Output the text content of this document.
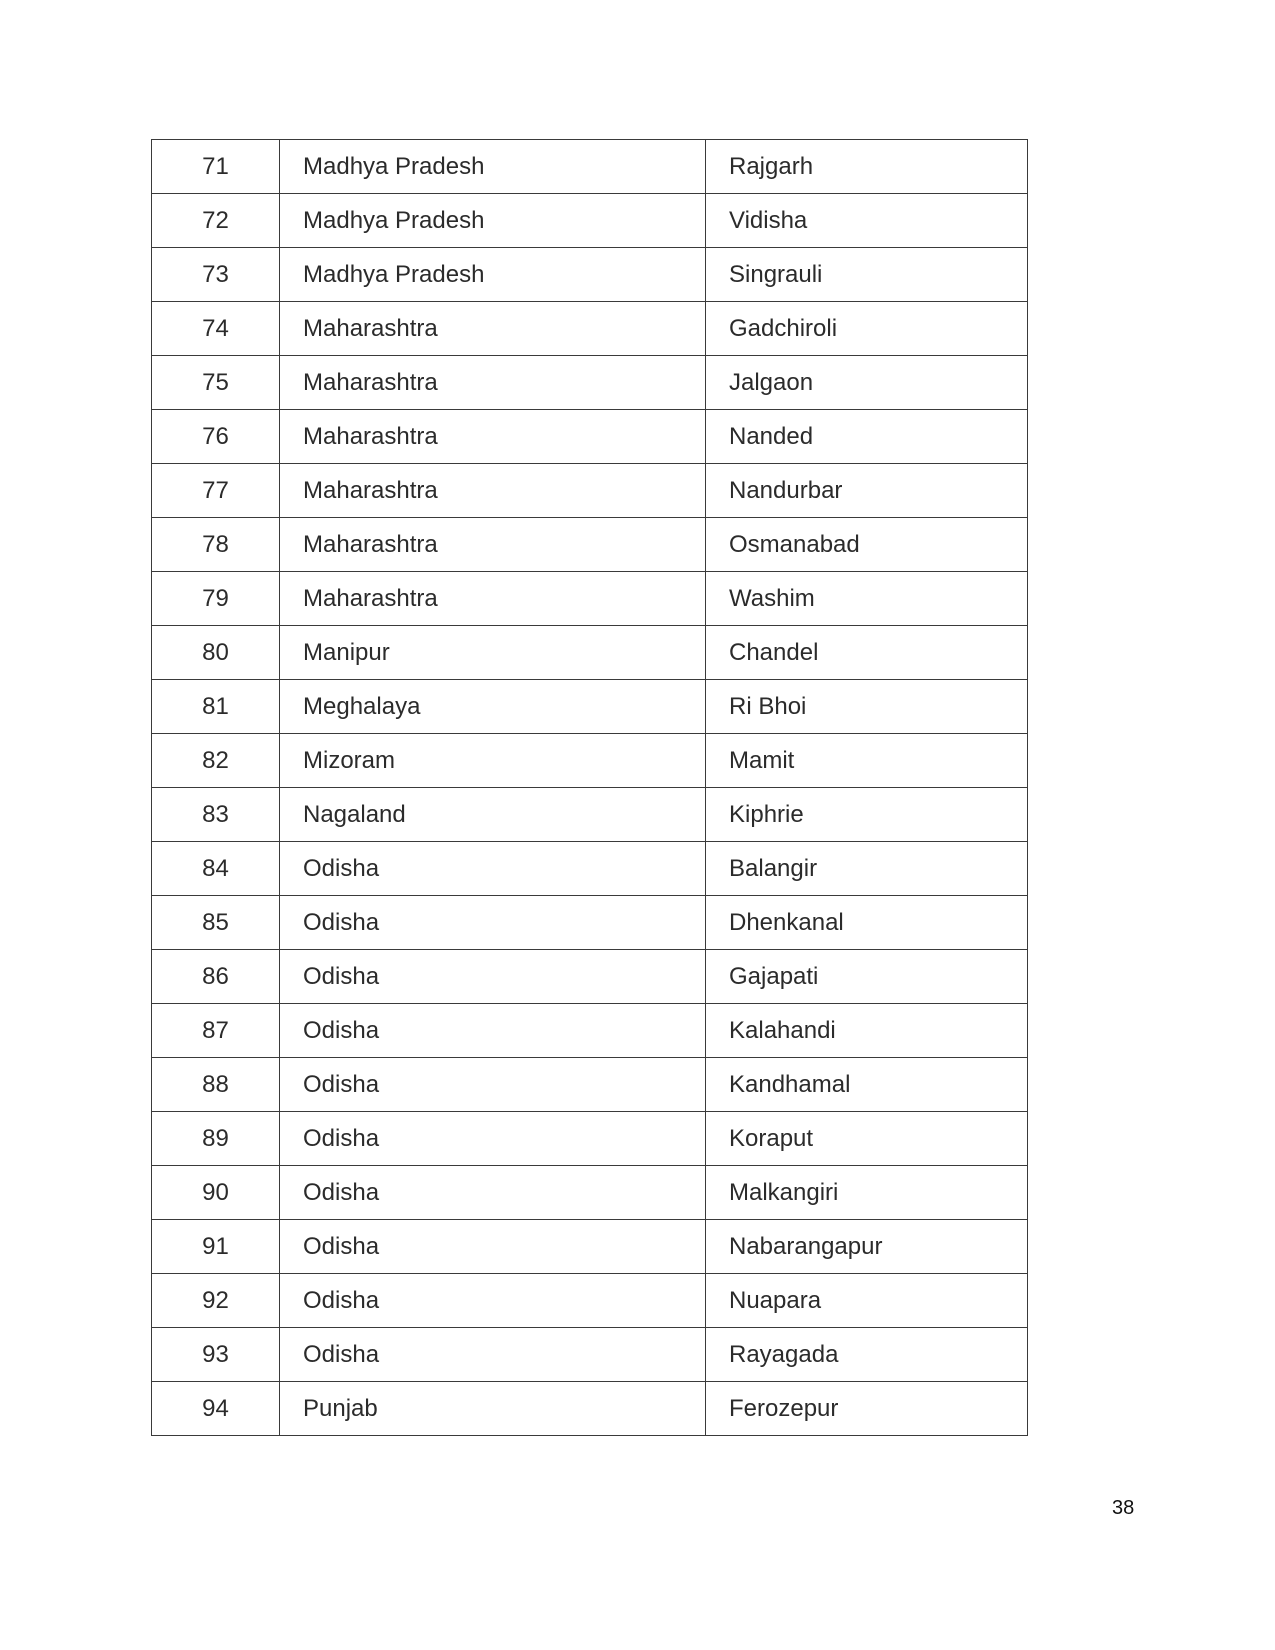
71	Madhya Pradesh	Rajgarh
72	Madhya Pradesh	Vidisha
73	Madhya Pradesh	Singrauli
74	Maharashtra	Gadchiroli
75	Maharashtra	Jalgaon
76	Maharashtra	Nanded
77	Maharashtra	Nandurbar
78	Maharashtra	Osmanabad
79	Maharashtra	Washim
80	Manipur	Chandel
81	Meghalaya	Ri Bhoi
82	Mizoram	Mamit
83	Nagaland	Kiphrie
84	Odisha	Balangir
85	Odisha	Dhenkanal
86	Odisha	Gajapati
87	Odisha	Kalahandi
88	Odisha	Kandhamal
89	Odisha	Koraput
90	Odisha	Malkangiri
91	Odisha	Nabarangapur
92	Odisha	Nuapara
93	Odisha	Rayagada
94	Punjab	Ferozepur
38
